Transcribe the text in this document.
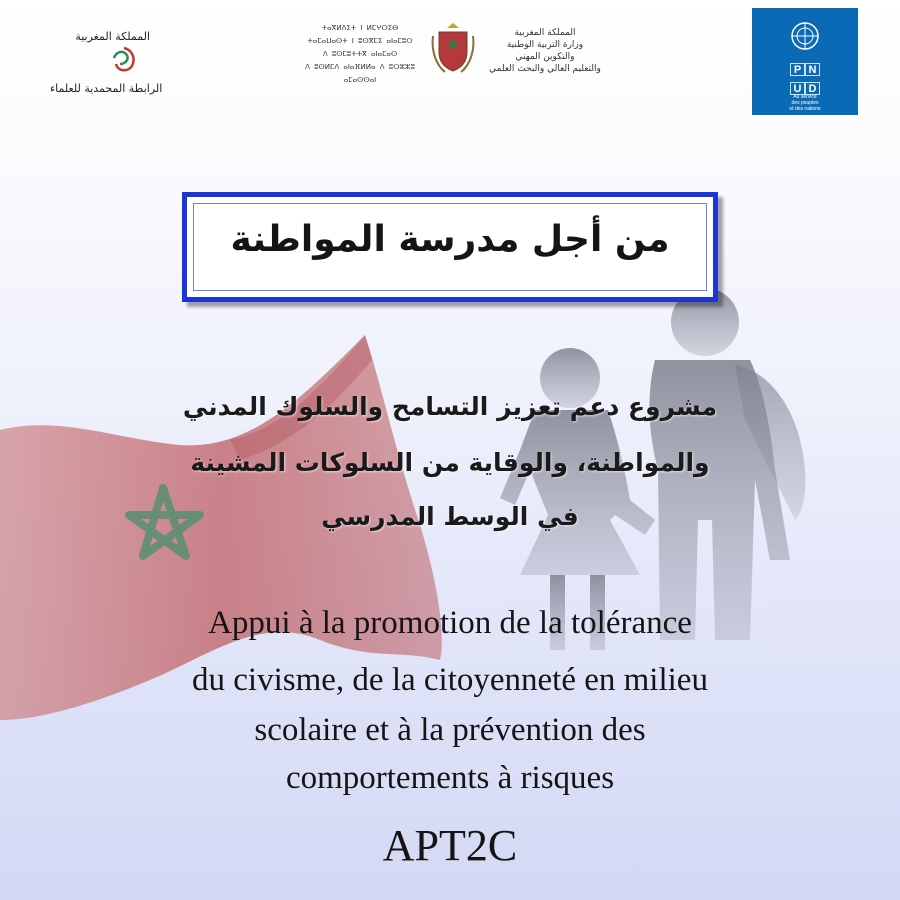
المملكة المغربية
الرابطة المحمدية للعلماء
ⵜⴰⴳⵍⴷⵉⵜ ⵏ ⵍⵎⵖⵔⵉⴱ
ⵜⴰⵎⴰⵡⴰⵙⵜ ⵏ ⵓⵙⴳⵎⵉ ⴰⵏⴰⵎⵓⵔ
ⴷ ⵓⵙⵎⵓⵜⵜⴳ ⴰⵏⴰⵎⴰⵙ
ⴷ ⵓⵙⵍⵎⴷ ⴰⵏⴰⴼⵍⵍⴰ ⴷ ⵓⵔⵣⵣⵓ ⴰⵎⴰⵙⵙⴰⵏ
المملكة المغربية
وزارة التربية الوطنية
والتكوين المهني
والتعليم العالي والبحث العلمي	P NU D
Au service
des peuples
et des nations
من أجل مدرسة المواطنة
مشروع دعم تعزيز التسامح والسلوك المدني
والمواطنة، والوقاية من السلوكات المشينة
في الوسط المدرسي
Appui à la promotion de la tolérance
du civisme, de la citoyenneté en milieu
scolaire et à la prévention des
comportements à risques
APT2C
